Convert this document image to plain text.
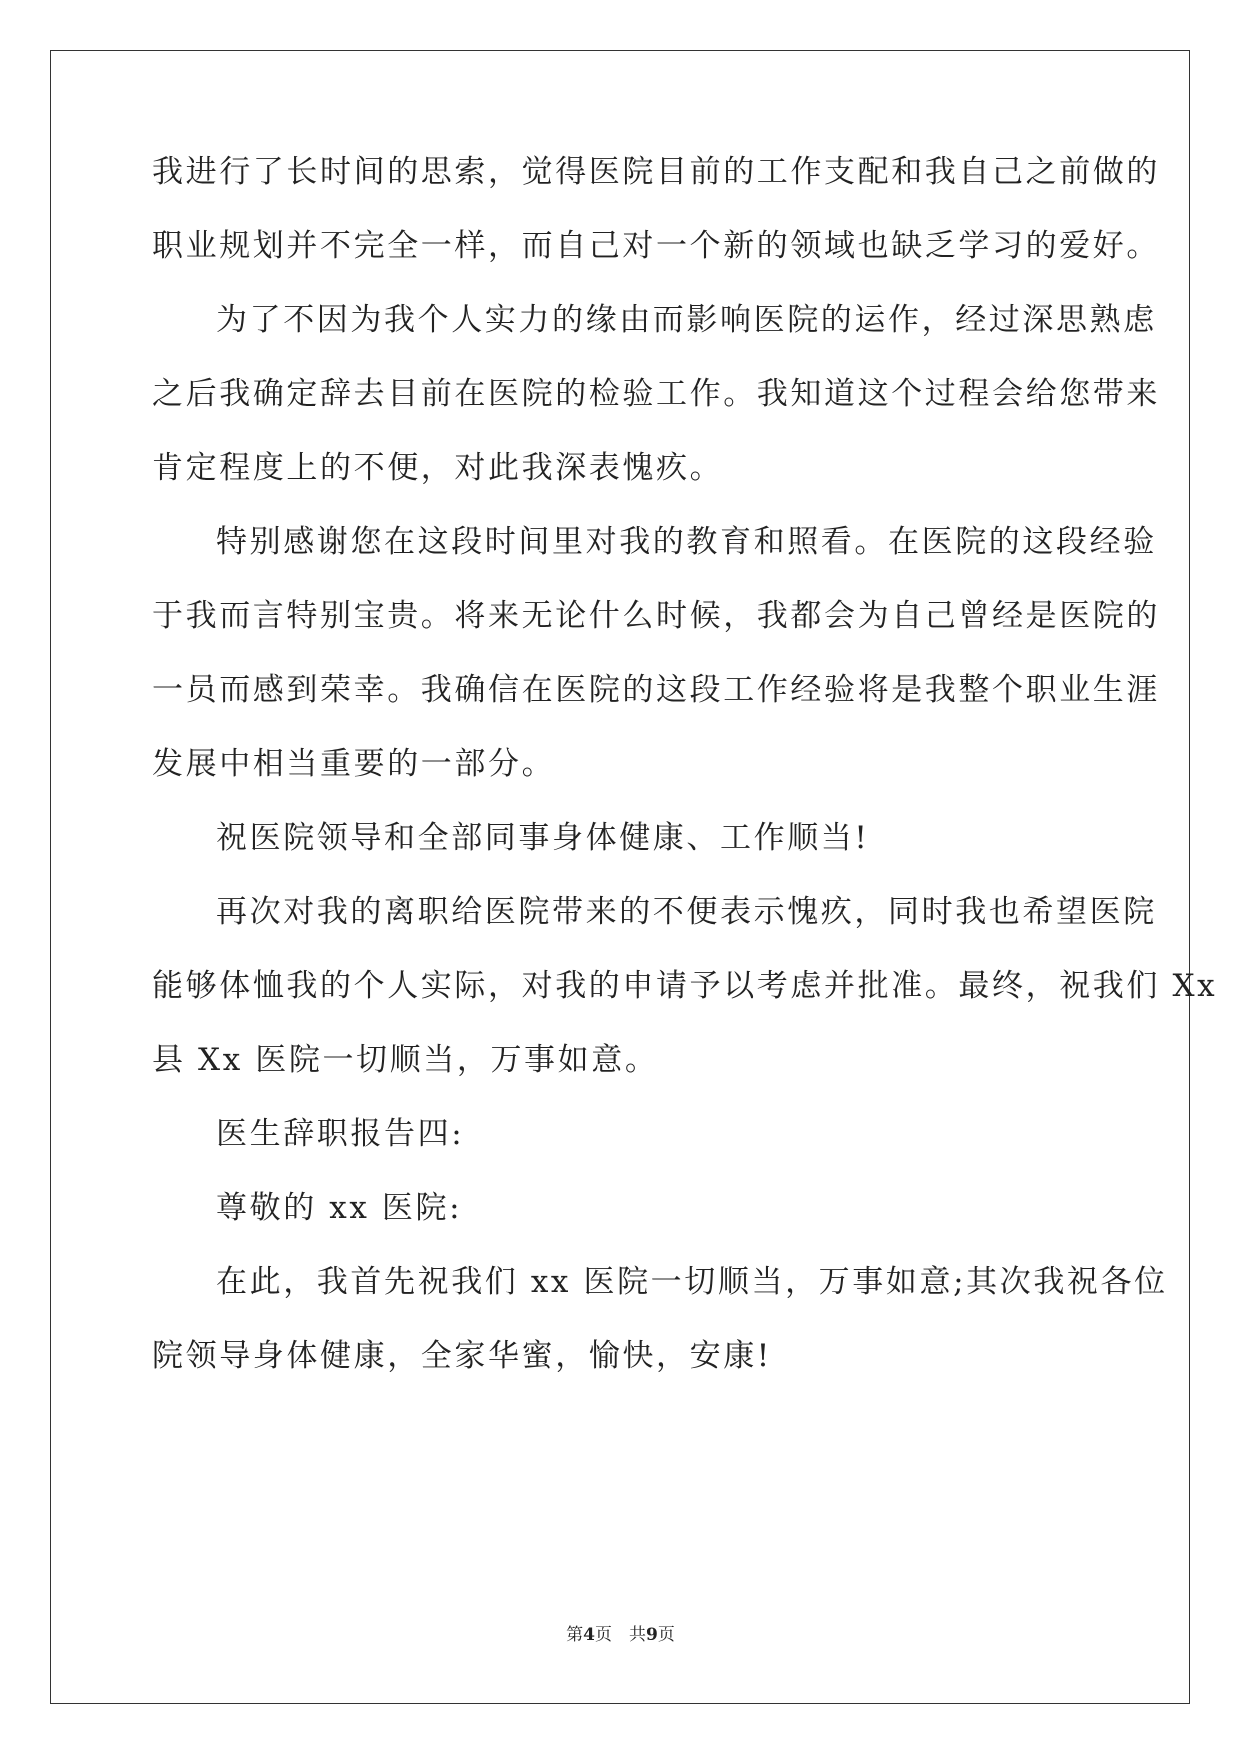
我进行了长时间的思索，觉得医院目前的工作支配和我自己之前做的
职业规划并不完全一样，而自己对一个新的领域也缺乏学习的爱好。
为了不因为我个人实力的缘由而影响医院的运作，经过深思熟虑
之后我确定辞去目前在医院的检验工作。我知道这个过程会给您带来
肯定程度上的不便，对此我深表愧疚。
特别感谢您在这段时间里对我的教育和照看。在医院的这段经验
于我而言特别宝贵。将来无论什么时候，我都会为自己曾经是医院的
一员而感到荣幸。我确信在医院的这段工作经验将是我整个职业生涯
发展中相当重要的一部分。
祝医院领导和全部同事身体健康、工作顺当!
再次对我的离职给医院带来的不便表示愧疚，同时我也希望医院
能够体恤我的个人实际，对我的申请予以考虑并批准。最终，祝我们 Xx
县 Xx 医院一切顺当，万事如意。
医生辞职报告四:
尊敬的 xx 医院:
在此，我首先祝我们 xx 医院一切顺当，万事如意;其次我祝各位
院领导身体健康，全家华蜜，愉快，安康!
第4页　共9页
